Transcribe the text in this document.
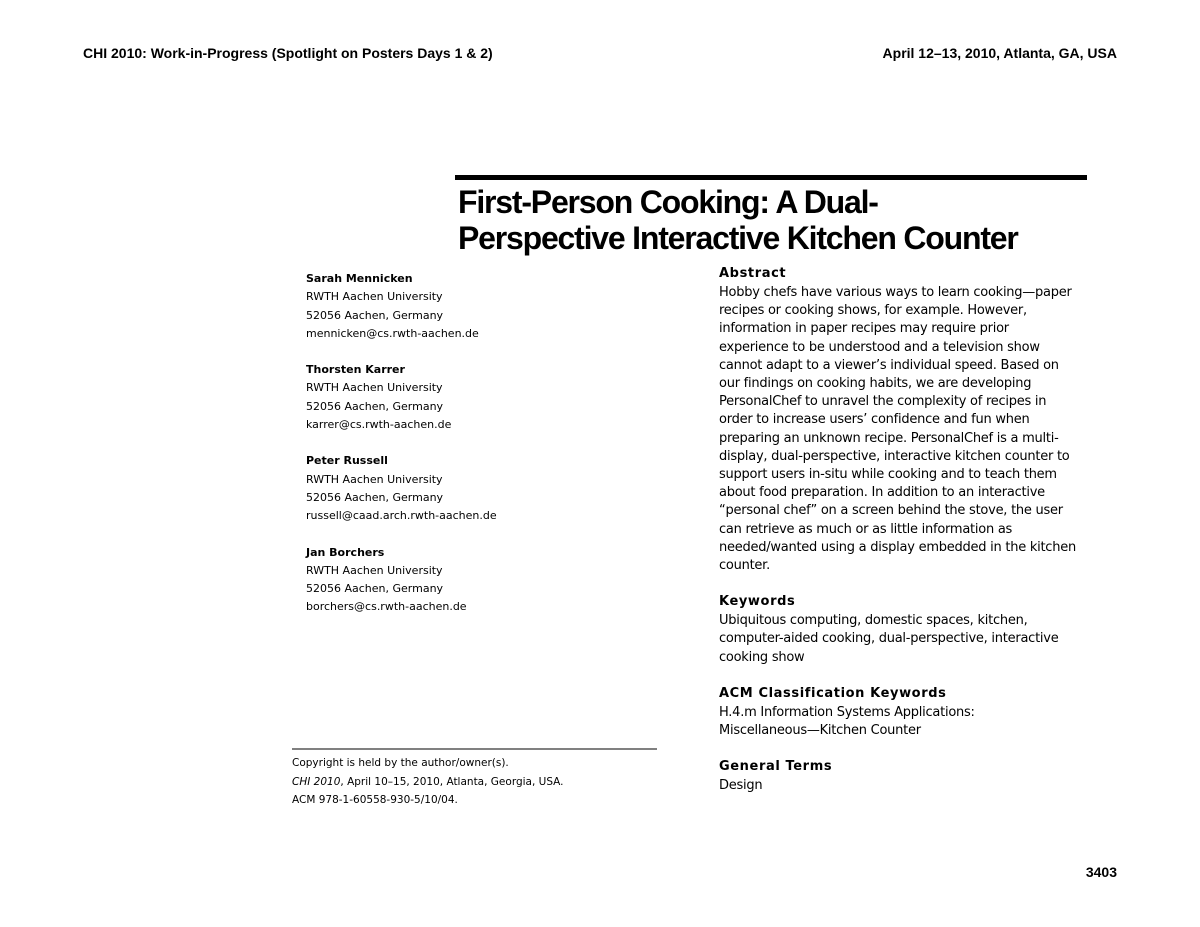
CHI 2010: Work-in-Progress (Spotlight on Posters Days 1 & 2)	April 12–13, 2010, Atlanta, GA, USA
First-Person Cooking: A Dual-
Perspective Interactive Kitchen Counter
Sarah Mennicken
RWTH Aachen University
52056 Aachen, Germany
mennicken@cs.rwth-aachen.de
Thorsten Karrer
RWTH Aachen University
52056 Aachen, Germany
karrer@cs.rwth-aachen.de
Peter Russell
RWTH Aachen University
52056 Aachen, Germany
russell@caad.arch.rwth-aachen.de
Jan Borchers
RWTH Aachen University
52056 Aachen, Germany
borchers@cs.rwth-aachen.de
Copyright is held by the author/owner(s).
CHI 2010, April 10–15, 2010, Atlanta, Georgia, USA.
ACM 978-1-60558-930-5/10/04.
Abstract
Hobby chefs have various ways to learn cooking—paper
recipes or cooking shows, for example. However,
information in paper recipes may require prior
experience to be understood and a television show
cannot adapt to a viewer’s individual speed. Based on
our findings on cooking habits, we are developing
PersonalChef to unravel the complexity of recipes in
order to increase users’ confidence and fun when
preparing an unknown recipe. PersonalChef is a multi-
display, dual-perspective, interactive kitchen counter to
support users in-situ while cooking and to teach them
about food preparation. In addition to an interactive
“personal chef” on a screen behind the stove, the user
can retrieve as much or as little information as
needed/wanted using a display embedded in the kitchen
counter.
Keywords
Ubiquitous computing, domestic spaces, kitchen,
computer-aided cooking, dual-perspective, interactive
cooking show
ACM Classification Keywords
H.4.m Information Systems Applications:
Miscellaneous—Kitchen Counter
General Terms
Design
3403
